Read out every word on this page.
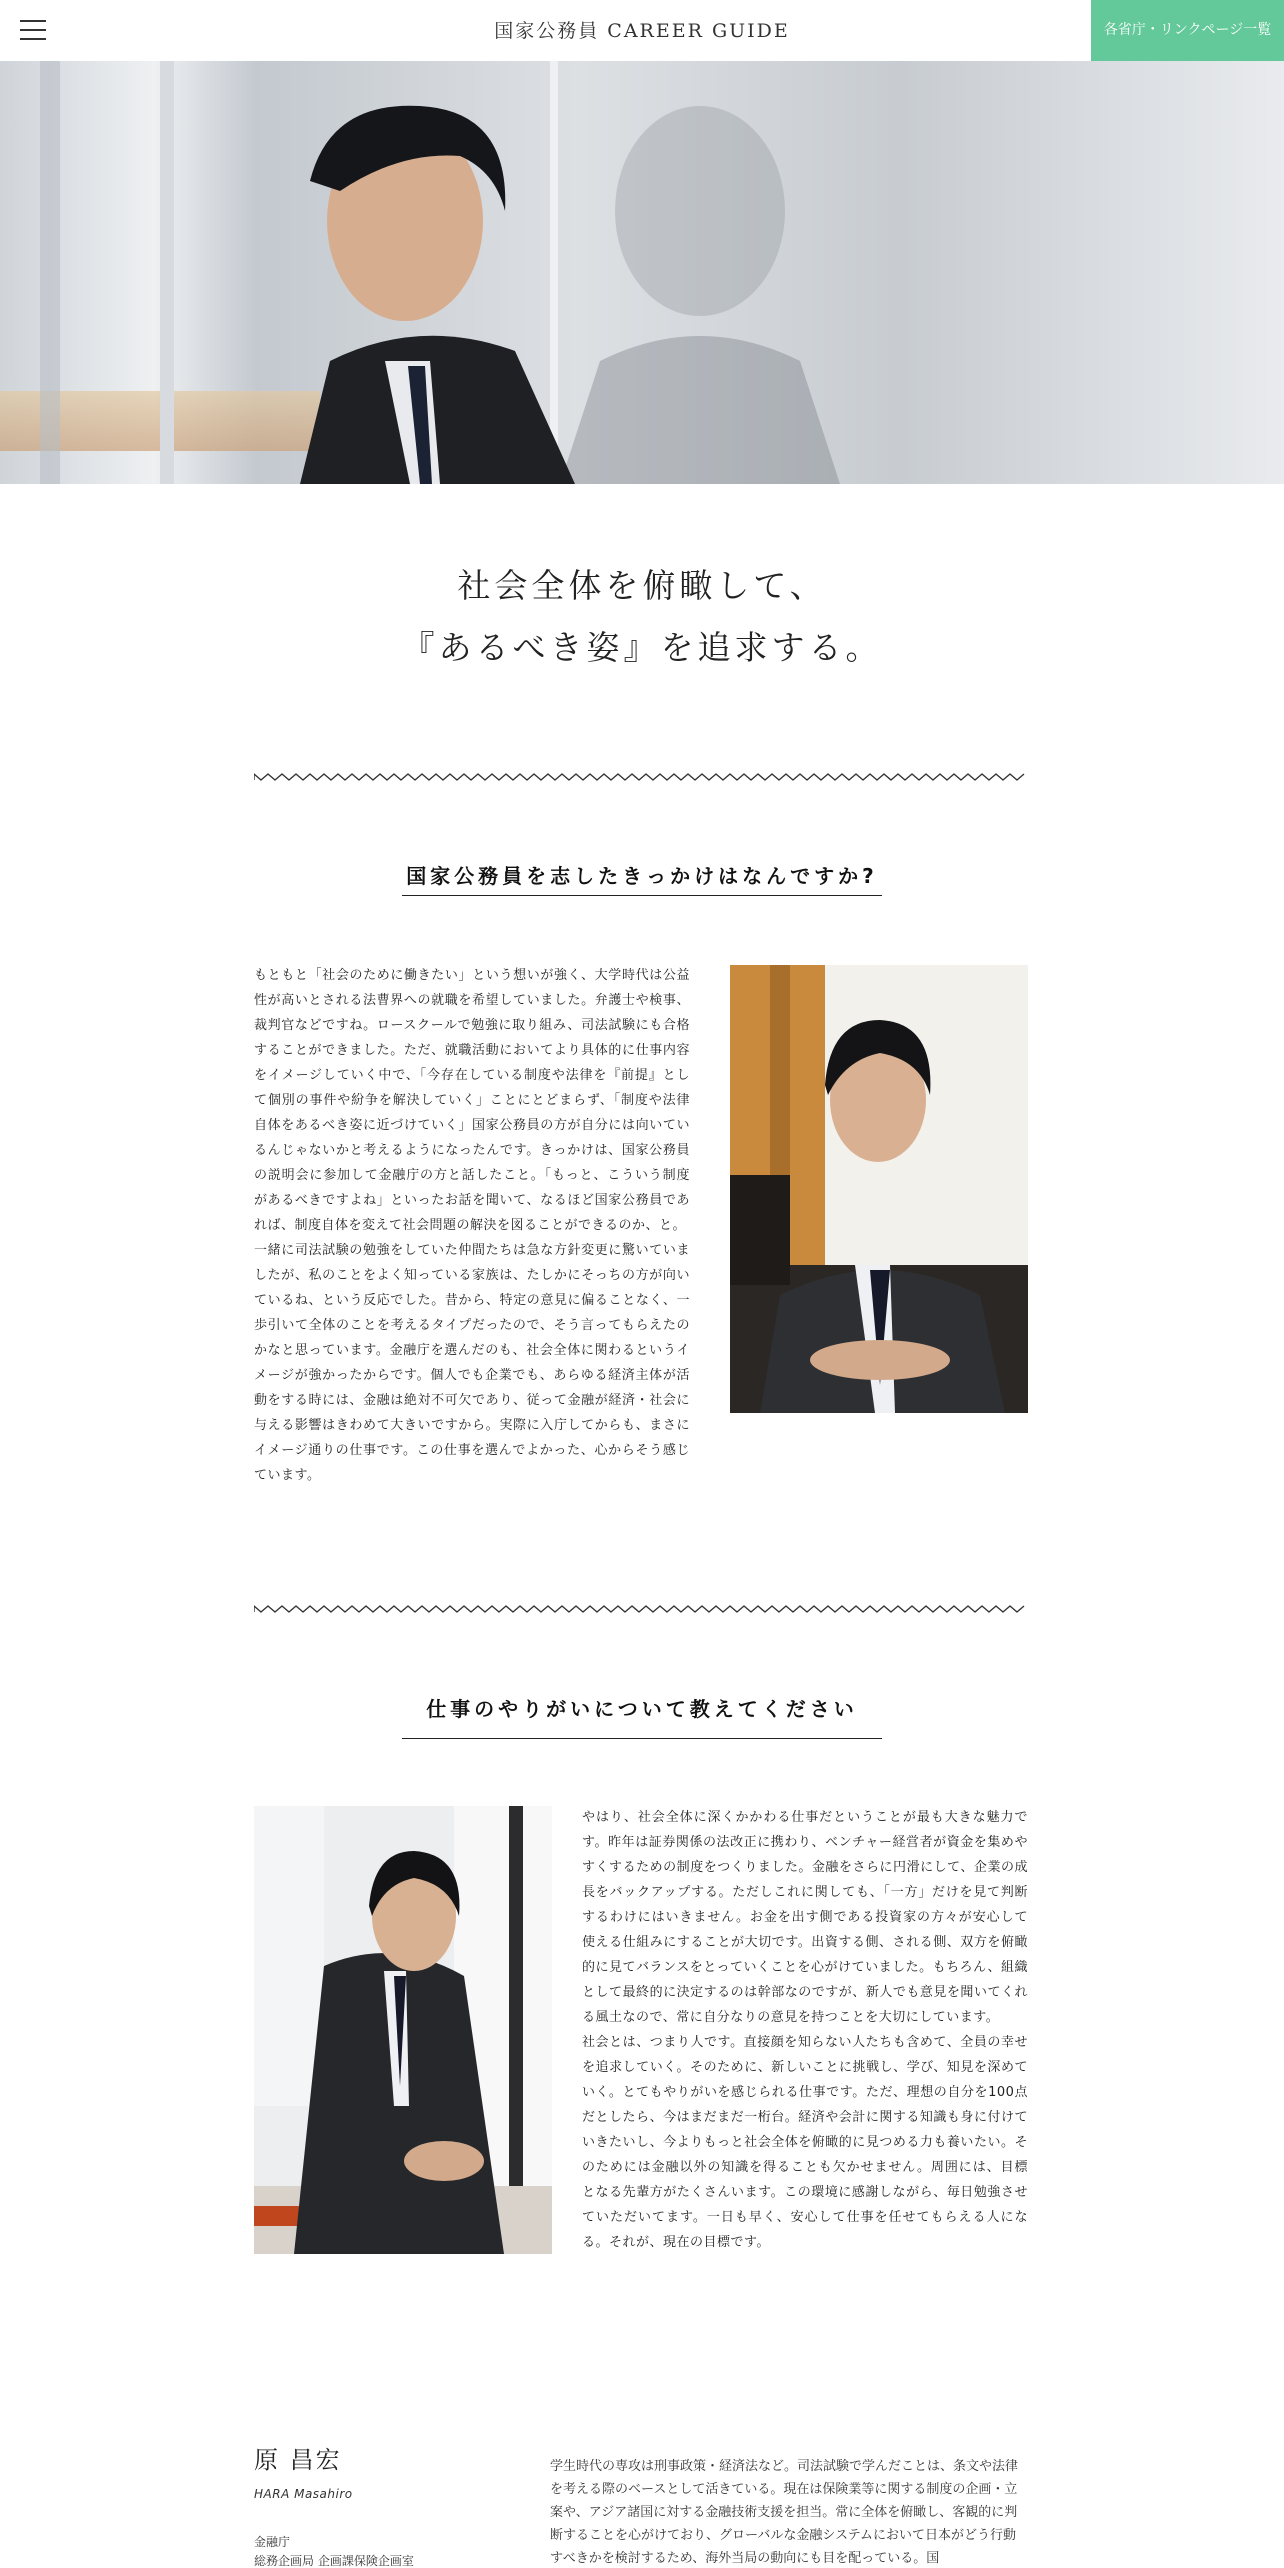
国家公務員 CAREER GUIDE	各省庁・リンクページ一覧
社会全体を俯瞰して、
『あるべき姿』を追求する。
国家公務員を志したきっかけはなんですか?

もともと「社会のために働きたい」という想いが強く、大学時代は公益性が高いとされる法曹界への就職を希望していました。弁護士や検事、裁判官などですね。ロースクールで勉強に取り組み、司法試験にも合格することができました。ただ、就職活動においてより具体的に仕事内容をイメージしていく中で、「今存在している制度や法律を『前提』として個別の事件や紛争を解決していく」ことにとどまらず、「制度や法律自体をあるべき姿に近づけていく」国家公務員の方が自分には向いているんじゃないかと考えるようになったんです。きっかけは、国家公務員の説明会に参加して金融庁の方と話したこと。「もっと、こういう制度があるべきですよね」といったお話を聞いて、なるほど国家公務員であれば、制度自体を変えて社会問題の解決を図ることができるのか、と。

一緒に司法試験の勉強をしていた仲間たちは急な方針変更に驚いていましたが、私のことをよく知っている家族は、たしかにそっちの方が向いているね、という反応でした。昔から、特定の意見に偏ることなく、一歩引いて全体のことを考えるタイプだったので、そう言ってもらえたのかなと思っています。金融庁を選んだのも、社会全体に関わるというイメージが強かったからです。個人でも企業でも、あらゆる経済主体が活動をする時には、金融は絶対不可欠であり、従って金融が経済・社会に与える影響はきわめて大きいですから。実際に入庁してからも、まさにイメージ通りの仕事です。この仕事を選んでよかった、心からそう感じています。

仕事のやりがいについて教えてください

やはり、社会全体に深くかかわる仕事だということが最も大きな魅力です。昨年は証券関係の法改正に携わり、ベンチャー経営者が資金を集めやすくするための制度をつくりました。金融をさらに円滑にして、企業の成長をバックアップする。ただしこれに関しても、「一方」だけを見て判断するわけにはいきません。お金を出す側である投資家の方々が安心して使える仕組みにすることが大切です。出資する側、される側、双方を俯瞰的に見てバランスをとっていくことを心がけていました。もちろん、組織として最終的に決定するのは幹部なのですが、新人でも意見を聞いてくれる風土なので、常に自分なりの意見を持つことを大切にしています。

社会とは、つまり人です。直接顔を知らない人たちも含めて、全員の幸せを追求していく。そのために、新しいことに挑戦し、学び、知見を深めていく。とてもやりがいを感じられる仕事です。ただ、理想の自分を100点だとしたら、今はまだまだ一桁台。経済や会計に関する知識も身に付けていきたいし、今よりもっと社会全体を俯瞰的に見つめる力も養いたい。そのためには金融以外の知識を得ることも欠かせません。周囲には、目標となる先輩方がたくさんいます。この環境に感謝しながら、毎日勉強させていただいてます。一日も早く、安心して仕事を任せてもらえる人になる。それが、現在の目標です。

原 昌宏
HARA Masahiro
金融庁
総務企画局 企画課保険企画室
学生時代の専攻は刑事政策・経済法など。司法試験で学んだことは、条文や法律を考える際のベースとして活きている。現在は保険業等に関する制度の企画・立案や、アジア諸国に対する金融技術支援を担当。常に全体を俯瞰し、客観的に判断することを心がけており、グローバルな金融システムにおいて日本がどう行動すべきかを検討するため、海外当局の動向にも目を配っている。国
